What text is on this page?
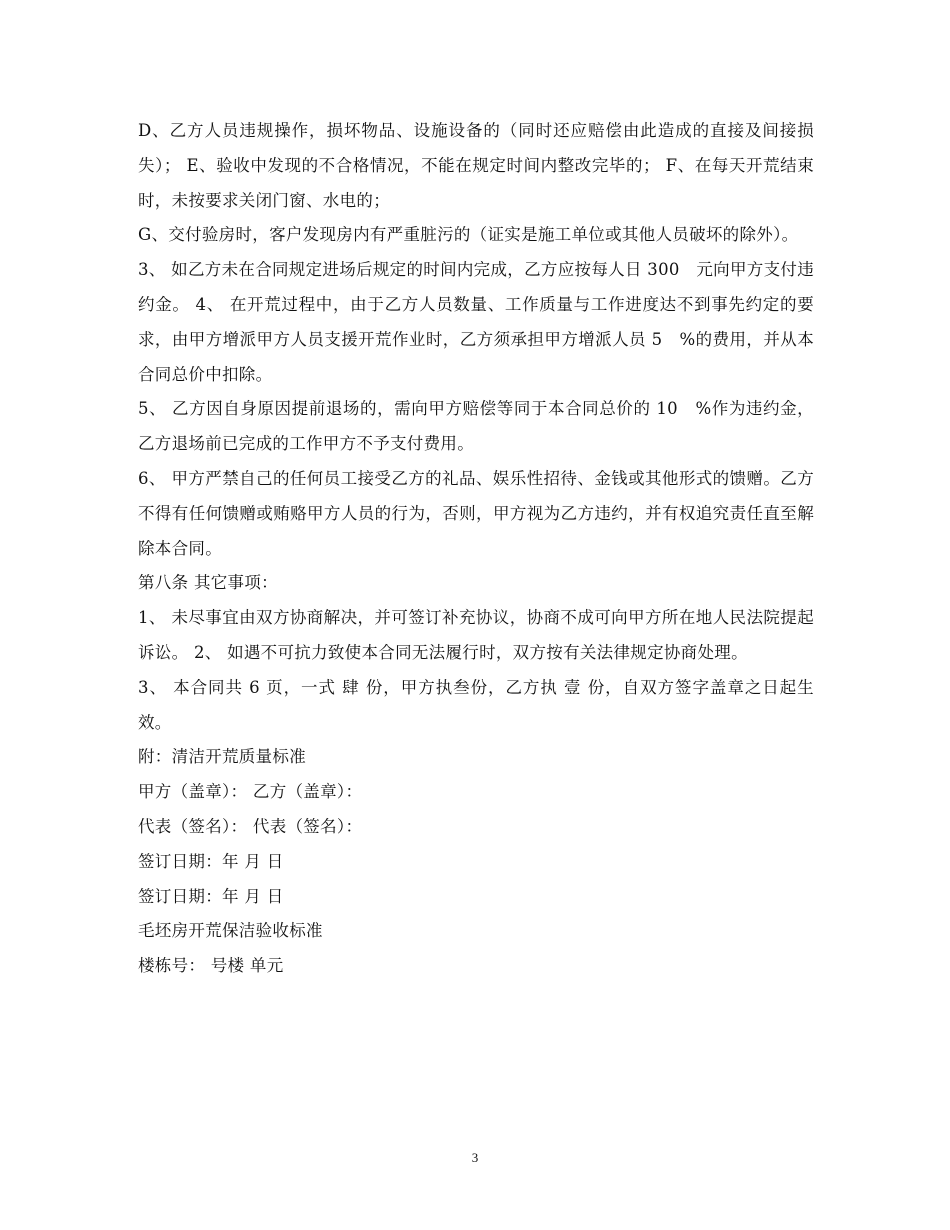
D、乙方人员违规操作，损坏物品、设施设备的（同时还应赔偿由此造成的直接及间接损失）； E、验收中发现的不合格情况，不能在规定时间内整改完毕的； F、在每天开荒结束时，未按要求关闭门窗、水电的；

G、交付验房时，客户发现房内有严重脏污的（证实是施工单位或其他人员破坏的除外）。

3、 如乙方未在合同规定进场后规定的时间内完成，乙方应按每人日 300   元向甲方支付违约金。 4、 在开荒过程中，由于乙方人员数量、工作质量与工作进度达不到事先约定的要求，由甲方增派甲方人员支援开荒作业时，乙方须承担甲方增派人员 5   %的费用，并从本合同总价中扣除。

5、 乙方因自身原因提前退场的，需向甲方赔偿等同于本合同总价的 10   %作为违约金，乙方退场前已完成的工作甲方不予支付费用。

6、 甲方严禁自己的任何员工接受乙方的礼品、娱乐性招待、金钱或其他形式的馈赠。乙方不得有任何馈赠或贿赂甲方人员的行为，否则，甲方视为乙方违约，并有权追究责任直至解除本合同。

第八条 其它事项：

1、 未尽事宜由双方协商解决，并可签订补充协议，协商不成可向甲方所在地人民法院提起诉讼。 2、 如遇不可抗力致使本合同无法履行时，双方按有关法律规定协商处理。

3、 本合同共 6 页，一式 肆 份，甲方执叁份，乙方执 壹 份，自双方签字盖章之日起生效。

附：清洁开荒质量标准

甲方（盖章）： 乙方（盖章）：

代表（签名）： 代表（签名）：

签订日期：年 月 日

签订日期：年 月 日

毛坯房开荒保洁验收标准

楼栋号： 号楼 单元

3
